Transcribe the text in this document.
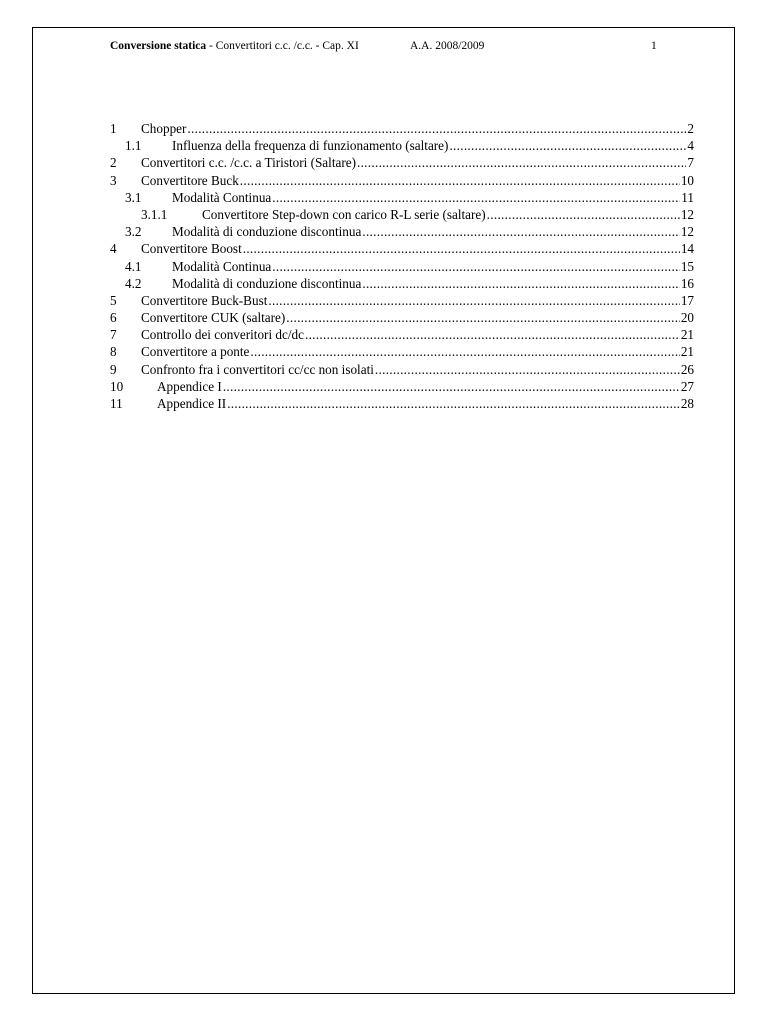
Conversione statica - Convertitori c.c. /c.c. - Cap. XI	A.A. 2008/2009	1
1 Chopper .....	2
1.1 Influenza della frequenza di funzionamento (saltare) .....	4
2 Convertitori c.c. /c.c. a Tiristori (Saltare) .....	7
3 Convertitore Buck .....	10
3.1 Modalità Continua .....	11
3.1.1	Convertitore Step-down con carico R-L serie (saltare) .....	12
3.2 Modalità di conduzione discontinua .....	12
4 Convertitore Boost .....	14
4.1 Modalità Continua .....	15
4.2 Modalità di conduzione discontinua .....	16
5 Convertitore Buck-Bust .....	17
6 Convertitore CUK (saltare) .....	20
7 Controllo dei converitori dc/dc .....	21
8 Convertitore a ponte .....	21
9 Confronto fra i convertitori cc/cc non isolati .....	26
10	Appendice I .....	27
11	Appendice II .....	28
